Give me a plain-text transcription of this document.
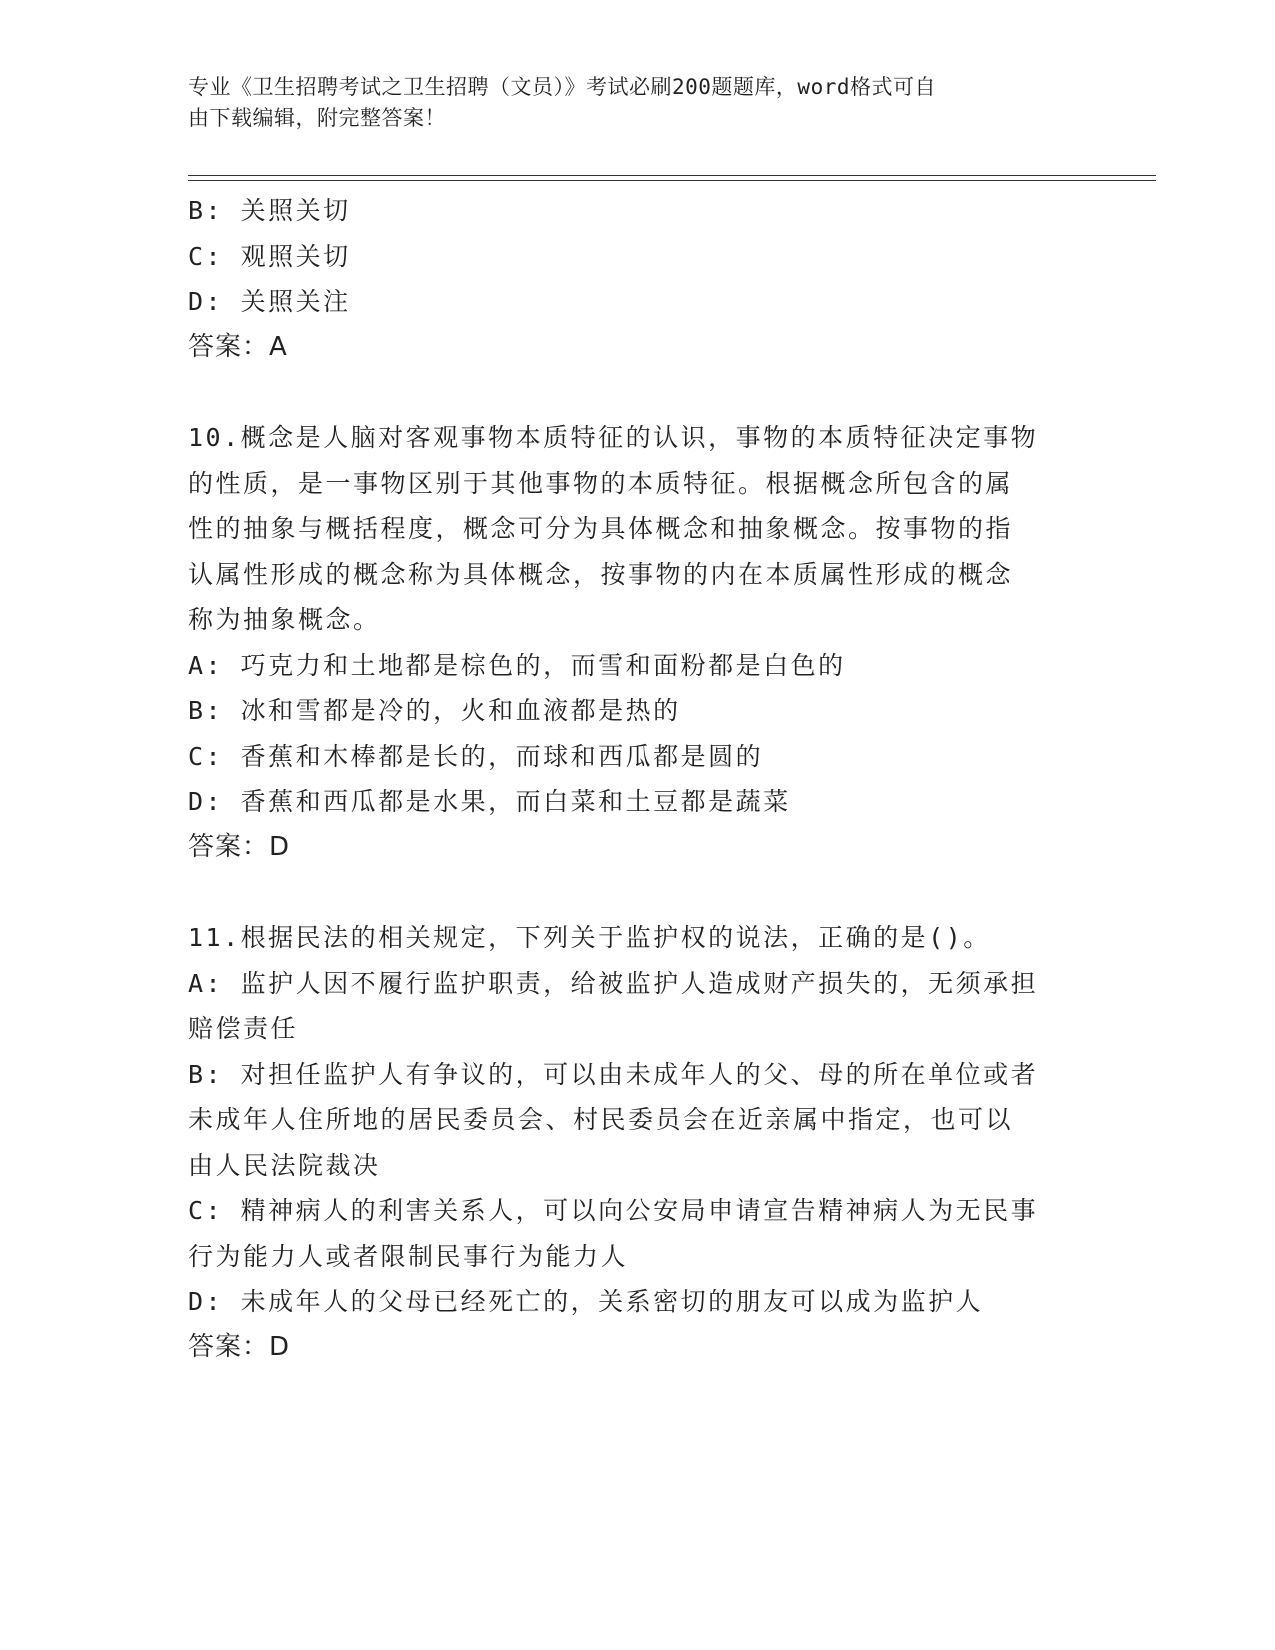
专业《卫生招聘考试之卫生招聘（文员）》考试必刷200题题库，word格式可自
由下载编辑，附完整答案！
B: 关照关切
C: 观照关切
D: 关照关注
答案：A
10.概念是人脑对客观事物本质特征的认识，事物的本质特征决定事物
的性质，是一事物区别于其他事物的本质特征。根据概念所包含的属
性的抽象与概括程度，概念可分为具体概念和抽象概念。按事物的指
认属性形成的概念称为具体概念，按事物的内在本质属性形成的概念
称为抽象概念。
A: 巧克力和土地都是棕色的，而雪和面粉都是白色的
B: 冰和雪都是冷的，火和血液都是热的
C: 香蕉和木棒都是长的，而球和西瓜都是圆的
D: 香蕉和西瓜都是水果，而白菜和土豆都是蔬菜
答案：D
11.根据民法的相关规定，下列关于监护权的说法，正确的是()。
A: 监护人因不履行监护职责，给被监护人造成财产损失的，无须承担
赔偿责任
B: 对担任监护人有争议的，可以由未成年人的父、母的所在单位或者
未成年人住所地的居民委员会、村民委员会在近亲属中指定，也可以
由人民法院裁决
C: 精神病人的利害关系人，可以向公安局申请宣告精神病人为无民事
行为能力人或者限制民事行为能力人
D: 未成年人的父母已经死亡的，关系密切的朋友可以成为监护人
答案：D
